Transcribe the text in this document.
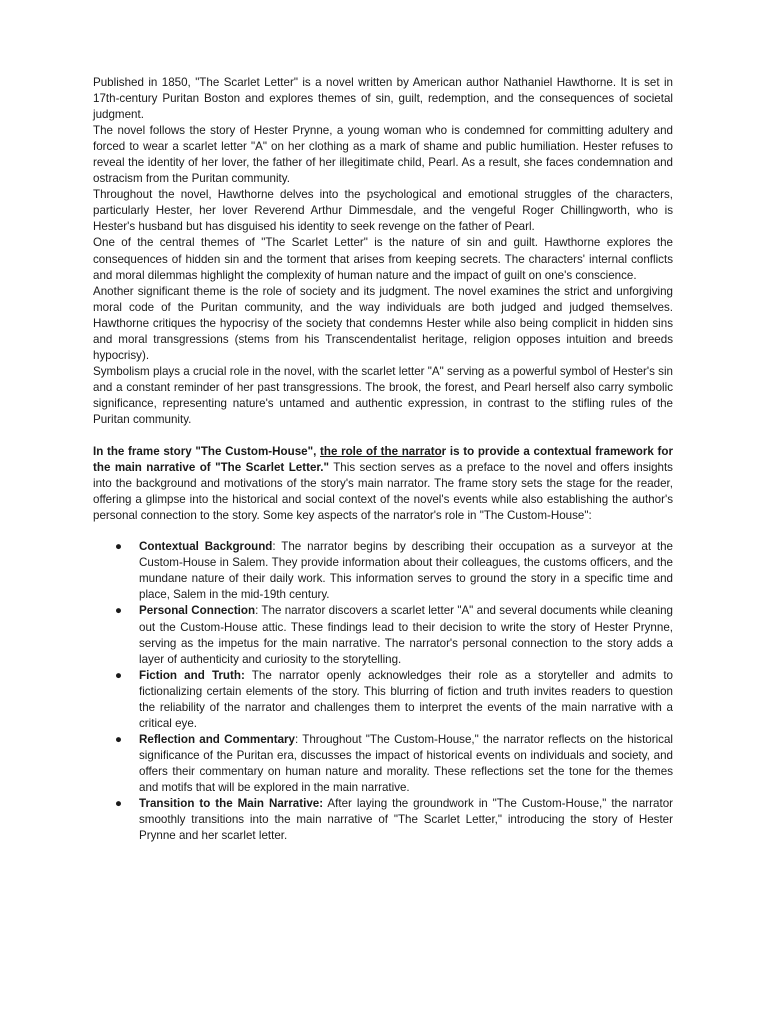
Published in 1850, "The Scarlet Letter" is a novel written by American author Nathaniel Hawthorne. It is set in 17th-century Puritan Boston and explores themes of sin, guilt, redemption, and the consequences of societal judgment.

The novel follows the story of Hester Prynne, a young woman who is condemned for committing adultery and forced to wear a scarlet letter "A" on her clothing as a mark of shame and public humiliation. Hester refuses to reveal the identity of her lover, the father of her illegitimate child, Pearl. As a result, she faces condemnation and ostracism from the Puritan community.

Throughout the novel, Hawthorne delves into the psychological and emotional struggles of the characters, particularly Hester, her lover Reverend Arthur Dimmesdale, and the vengeful Roger Chillingworth, who is Hester's husband but has disguised his identity to seek revenge on the father of Pearl.

One of the central themes of "The Scarlet Letter" is the nature of sin and guilt. Hawthorne explores the consequences of hidden sin and the torment that arises from keeping secrets. The characters' internal conflicts and moral dilemmas highlight the complexity of human nature and the impact of guilt on one's conscience.

Another significant theme is the role of society and its judgment. The novel examines the strict and unforgiving moral code of the Puritan community, and the way individuals are both judged and judged themselves. Hawthorne critiques the hypocrisy of the society that condemns Hester while also being complicit in hidden sins and moral transgressions (stems from his Transcendentalist heritage, religion opposes intuition and breeds hypocrisy).

Symbolism plays a crucial role in the novel, with the scarlet letter "A" serving as a powerful symbol of Hester's sin and a constant reminder of her past transgressions. The brook, the forest, and Pearl herself also carry symbolic significance, representing nature's untamed and authentic expression, in contrast to the stifling rules of the Puritan community.

In the frame story "The Custom-House", the role of the narrator is to provide a contextual framework for the main narrative of "The Scarlet Letter." This section serves as a preface to the novel and offers insights into the background and motivations of the story's main narrator. The frame story sets the stage for the reader, offering a glimpse into the historical and social context of the novel's events while also establishing the author's personal connection to the story. Some key aspects of the narrator's role in "The Custom-House":

● Contextual Background: The narrator begins by describing their occupation as a surveyor at the Custom-House in Salem. They provide information about their colleagues, the customs officers, and the mundane nature of their daily work. This information serves to ground the story in a specific time and place, Salem in the mid-19th century.
● Personal Connection: The narrator discovers a scarlet letter "A" and several documents while cleaning out the Custom-House attic. These findings lead to their decision to write the story of Hester Prynne, serving as the impetus for the main narrative. The narrator's personal connection to the story adds a layer of authenticity and curiosity to the storytelling.
● Fiction and Truth: The narrator openly acknowledges their role as a storyteller and admits to fictionalizing certain elements of the story. This blurring of fiction and truth invites readers to question the reliability of the narrator and challenges them to interpret the events of the main narrative with a critical eye.
● Reflection and Commentary: Throughout "The Custom-House," the narrator reflects on the historical significance of the Puritan era, discusses the impact of historical events on individuals and society, and offers their commentary on human nature and morality. These reflections set the tone for the themes and motifs that will be explored in the main narrative.
● Transition to the Main Narrative: After laying the groundwork in "The Custom-House," the narrator smoothly transitions into the main narrative of "The Scarlet Letter," introducing the story of Hester Prynne and her scarlet letter.
